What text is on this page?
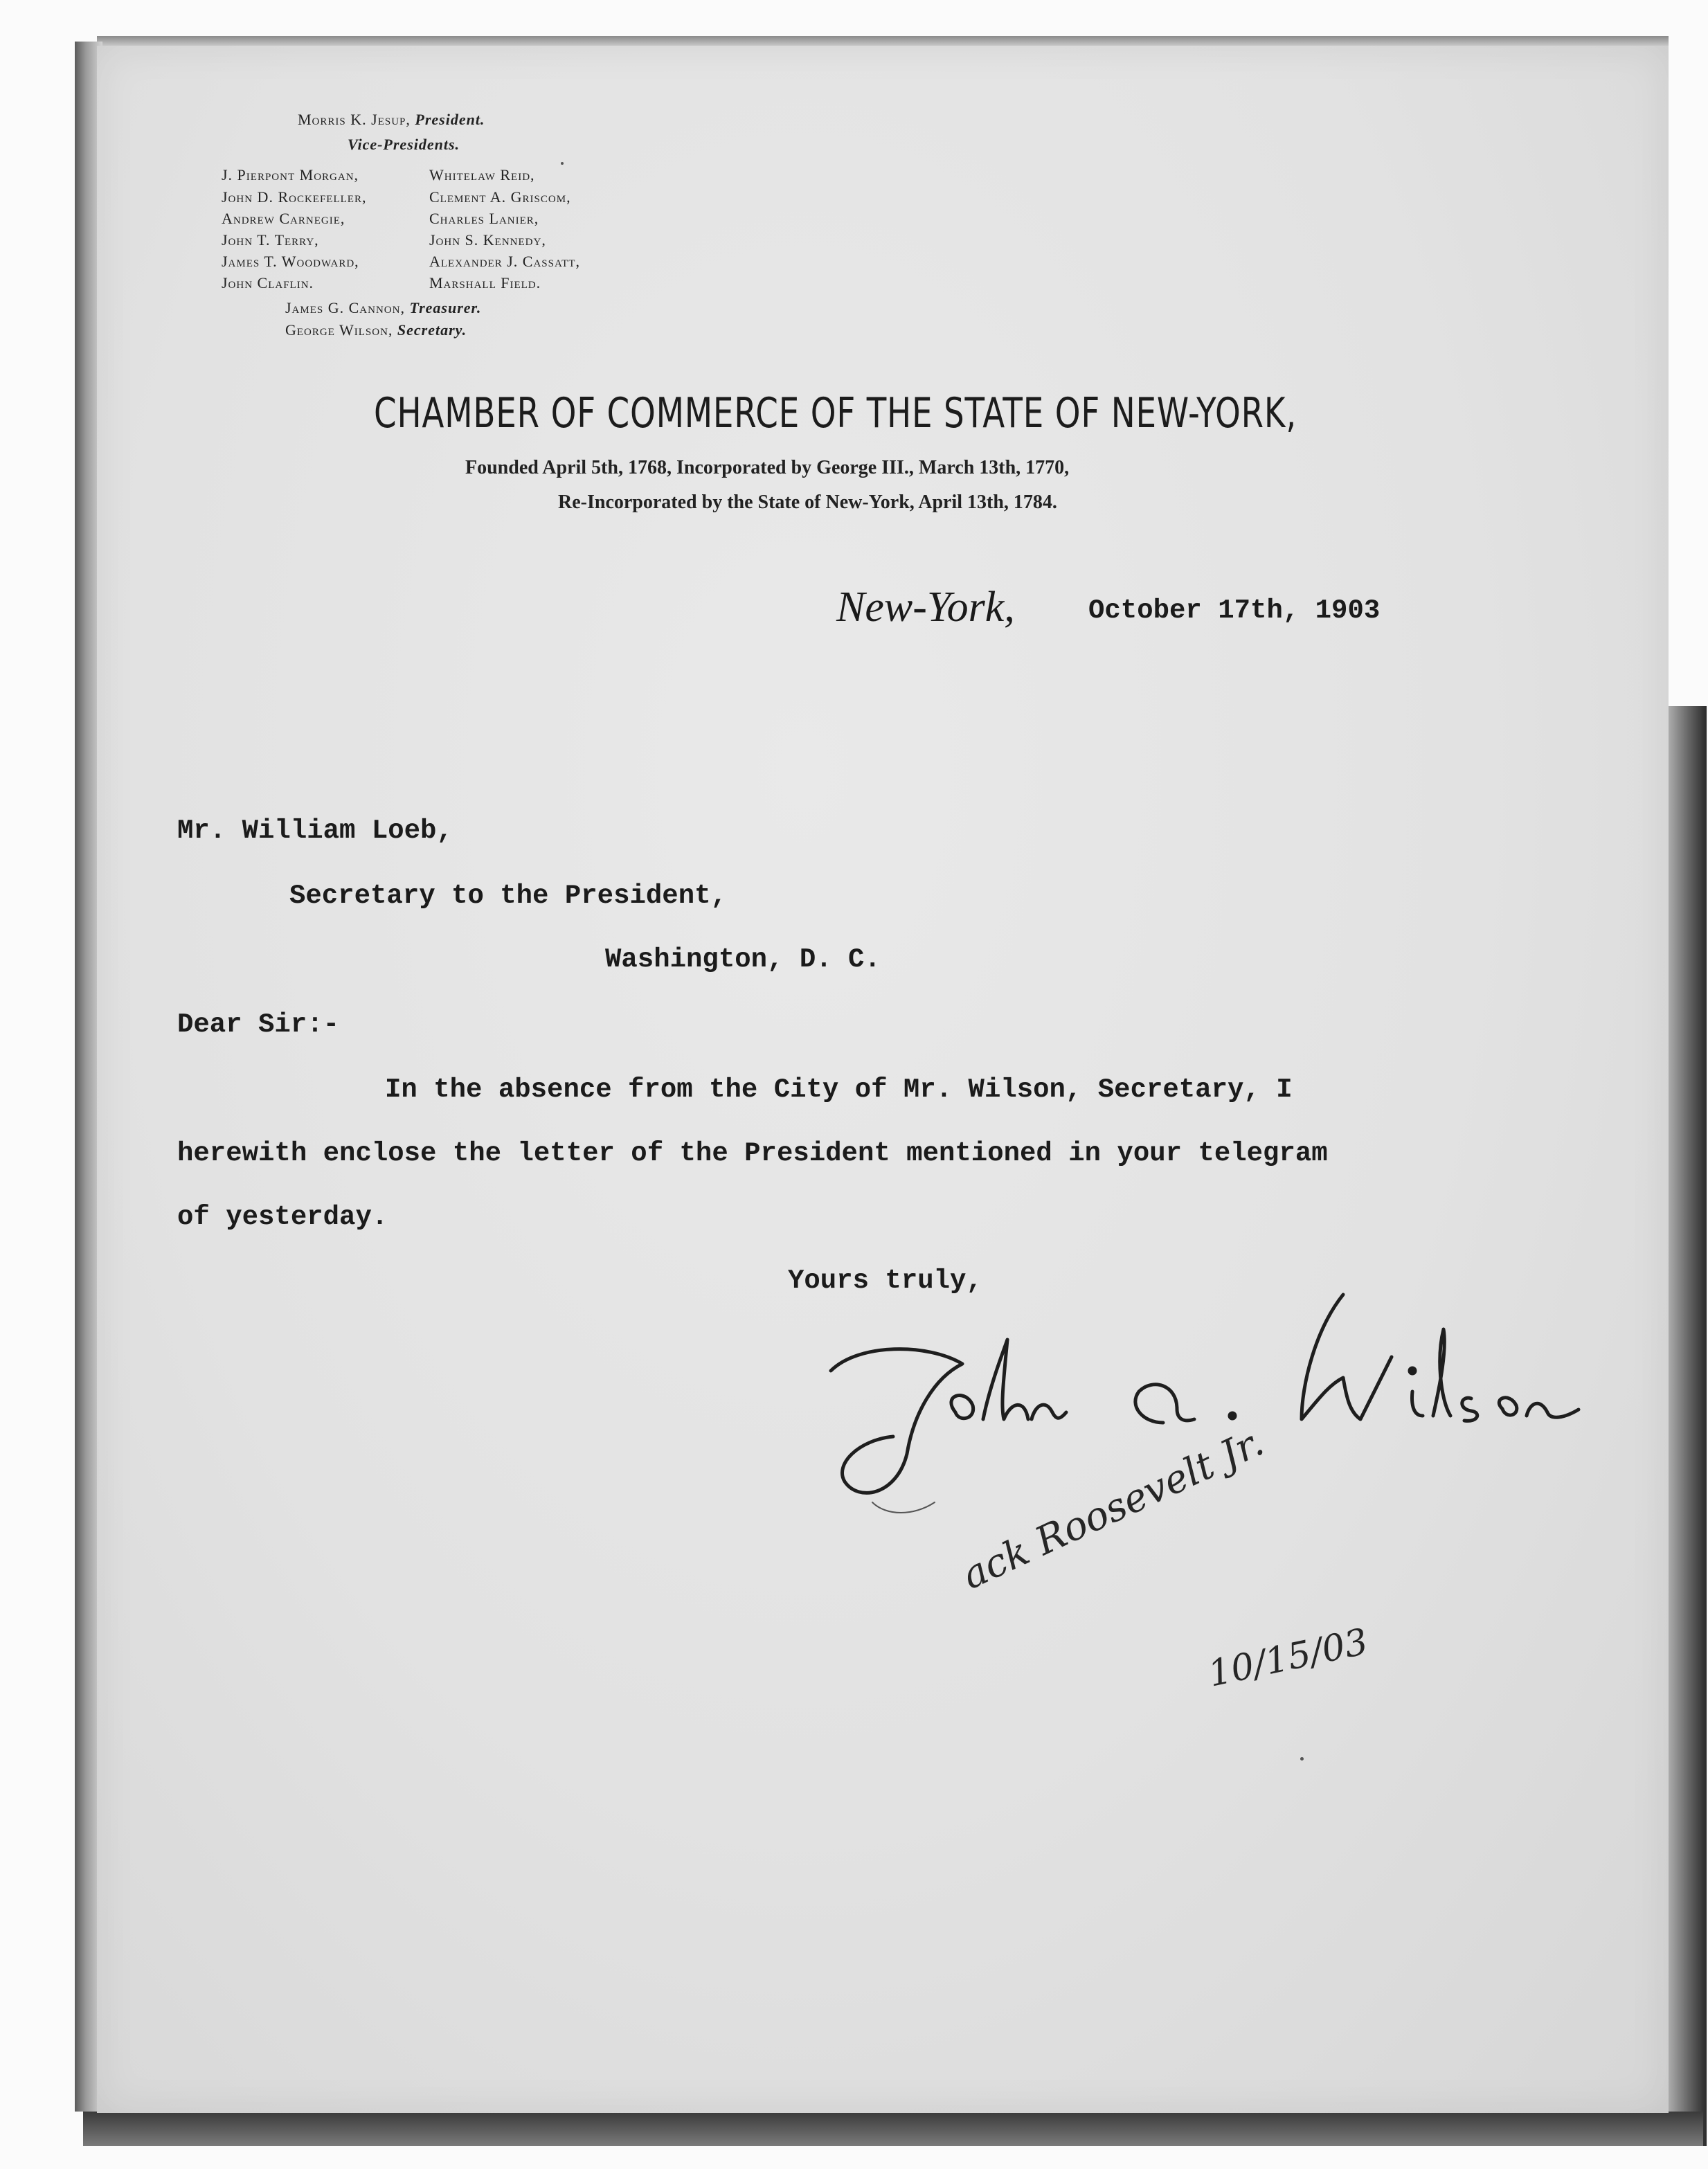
Morris K. Jesup, President.
Vice-Presidents.
J. Pierpont Morgan,
John D. Rockefeller,
Andrew Carnegie,
John T. Terry,
James T. Woodward,
John Claflin.
Whitelaw Reid,
Clement A. Griscom,
Charles Lanier,
John S. Kennedy,
Alexander J. Cassatt,
Marshall Field.
James G. Cannon, Treasurer.
George Wilson, Secretary.
CHAMBER OF COMMERCE OF THE STATE OF NEW-YORK,
Founded April 5th, 1768, Incorporated by George III., March 13th, 1770,
Re-Incorporated by the State of New-York, April 13th, 1784.
New-York,	October 17th, 1903
Mr. William Loeb,
Secretary to the President,
Washington, D. C.
Dear Sir:-
In the absence from the City of Mr. Wilson, Secretary, I
herewith enclose the letter of the President mentioned in your telegram
of yesterday.
Yours truly,
ack Roosevelt Jr.
10/15/03
